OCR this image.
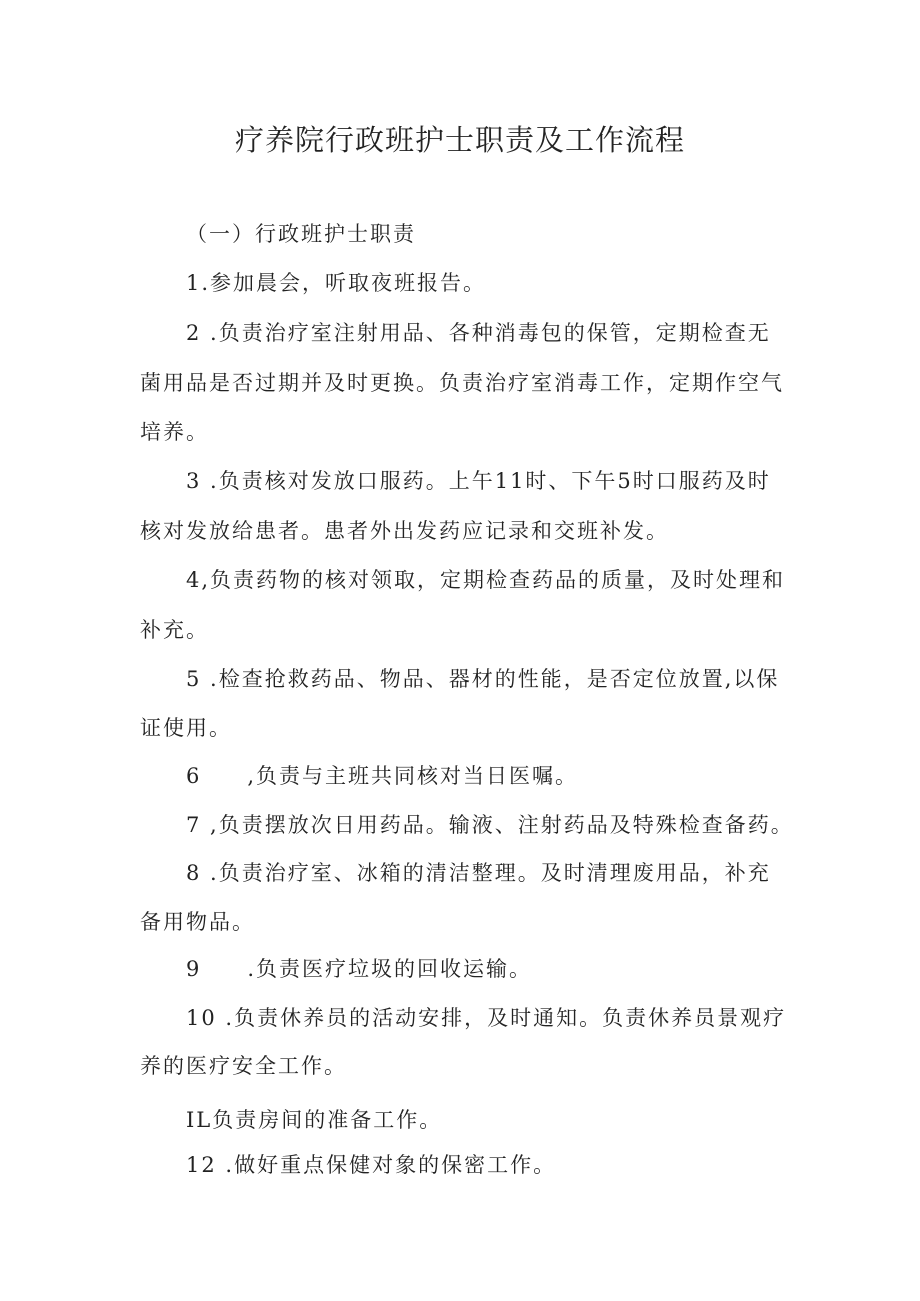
疗养院行政班护士职责及工作流程
（一）行政班护士职责
1.参加晨会，听取夜班报告。
2 .负责治疗室注射用品、各种消毒包的保管，定期检查无
菌用品是否过期并及时更换。负责治疗室消毒工作，定期作空气
培养。
3 .负责核对发放口服药。上午11时、下午5时口服药及时
核对发放给患者。患者外出发药应记录和交班补发。
4,负责药物的核对领取，定期检查药品的质量，及时处理和
补充。
5 .检查抢救药品、物品、器材的性能，是否定位放置,以保
证使用。
6　　,负责与主班共同核对当日医嘱。
7 ,负责摆放次日用药品。输液、注射药品及特殊检查备药。
8 .负责治疗室、冰箱的清洁整理。及时清理废用品，补充
备用物品。
9　　.负责医疗垃圾的回收运输。
10 .负责休养员的活动安排，及时通知。负责休养员景观疗
养的医疗安全工作。
IL负责房间的准备工作。
12 .做好重点保健对象的保密工作。
